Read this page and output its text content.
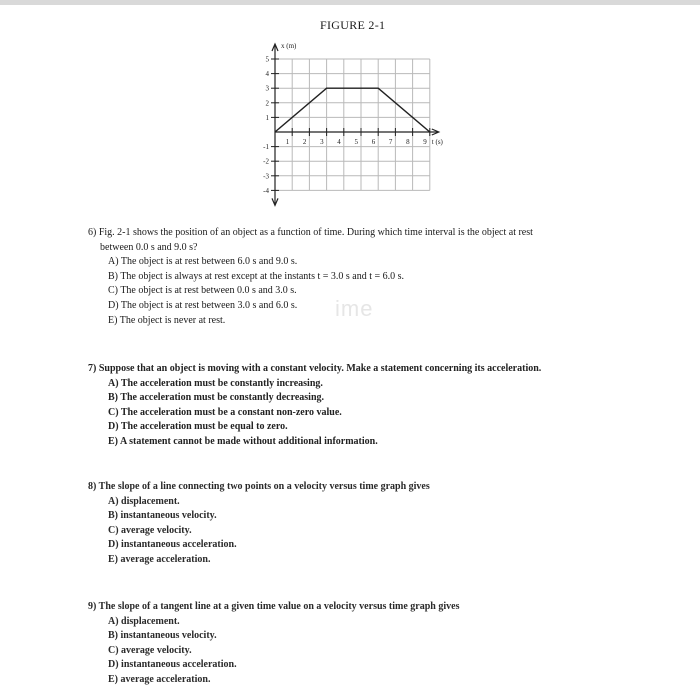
FIGURE 2-1
5
4
3
2
1
-1
-2
-3
-4
1 2 3 4 5 6 7 8 9
x (m)
t (s)
ime
6) Fig. 2-1 shows the position of an object as a function of time. During which time interval is the object at rest
between 0.0 s and 9.0 s?
A) The object is at rest between 6.0 s and 9.0 s.
B) The object is always at rest except at the instants t = 3.0 s and t = 6.0 s.
C) The object is at rest between 0.0 s and 3.0 s.
D) The object is at rest between 3.0 s and 6.0 s.
E) The object is never at rest.
7) Suppose that an object is moving with a constant velocity. Make a statement concerning its acceleration.
A) The acceleration must be constantly increasing.
B) The acceleration must be constantly decreasing.
C) The acceleration must be a constant non-zero value.
D) The acceleration must be equal to zero.
E) A statement cannot be made without additional information.
8) The slope of a line connecting two points on a velocity versus time graph gives
A) displacement.
B) instantaneous velocity.
C) average velocity.
D) instantaneous acceleration.
E) average acceleration.
9) The slope of a tangent line at a given time value on a velocity versus time graph gives
A) displacement.
B) instantaneous velocity.
C) average velocity.
D) instantaneous acceleration.
E) average acceleration.
